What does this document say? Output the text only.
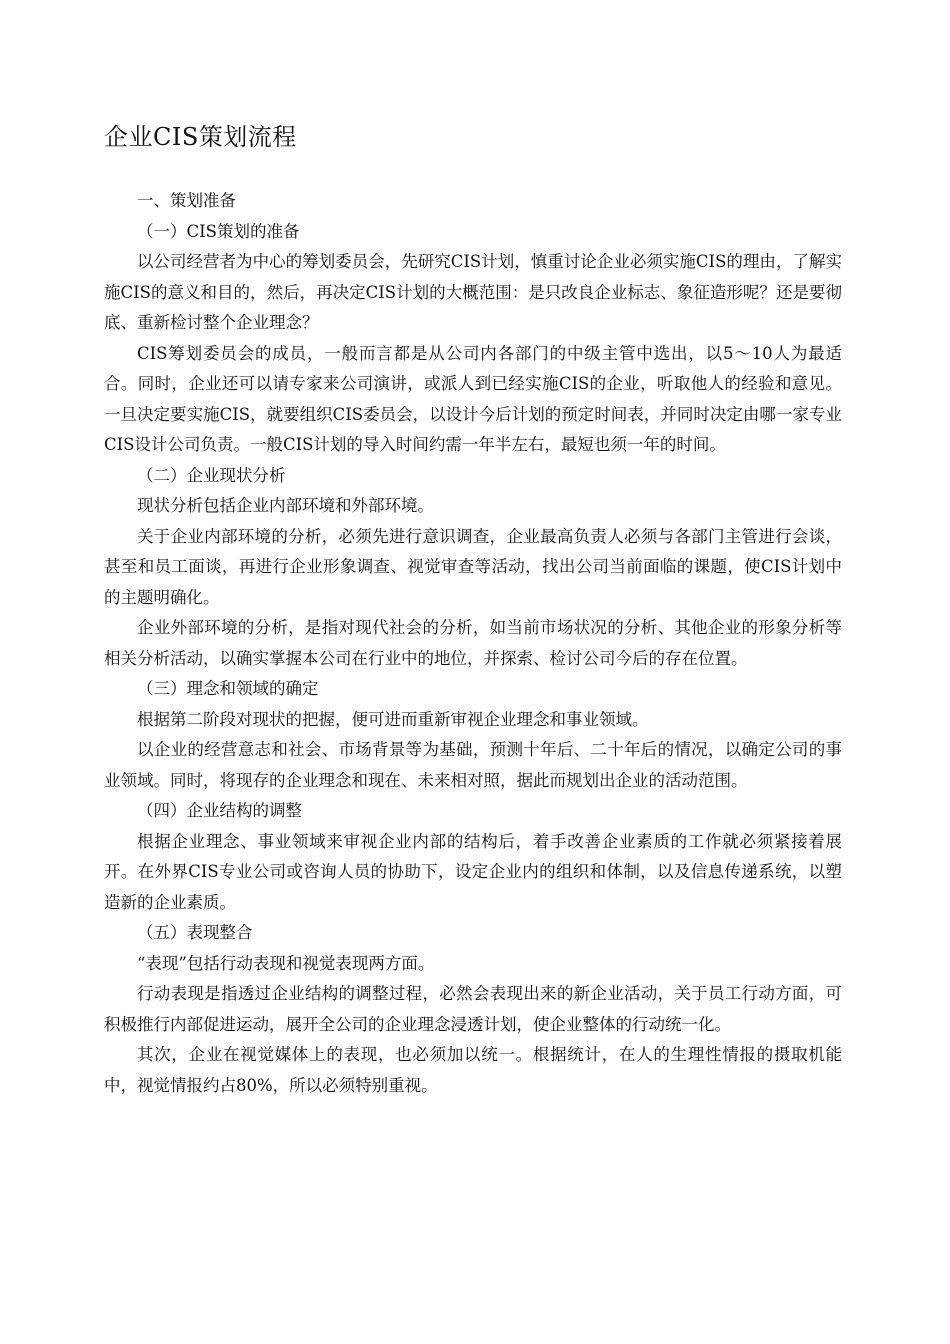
企业CIS策划流程

一、策划准备

（一）CIS策划的准备

以公司经营者为中心的筹划委员会，先研究CIS计划，慎重讨论企业必须实施CIS的理由，了解实施CIS的意义和目的，然后，再决定CIS计划的大概范围：是只改良企业标志、象征造形呢？还是要彻底、重新检讨整个企业理念？

CIS筹划委员会的成员，一般而言都是从公司内各部门的中级主管中选出，以5～10人为最适合。同时，企业还可以请专家来公司演讲，或派人到已经实施CIS的企业，听取他人的经验和意见。一旦决定要实施CIS，就要组织CIS委员会，以设计今后计划的预定时间表，并同时决定由哪一家专业CIS设计公司负责。一般CIS计划的导入时间约需一年半左右，最短也须一年的时间。

（二）企业现状分析

现状分析包括企业内部环境和外部环境。

关于企业内部环境的分析，必须先进行意识调查，企业最高负责人必须与各部门主管进行会谈，甚至和员工面谈，再进行企业形象调查、视觉审查等活动，找出公司当前面临的课题，使CIS计划中的主题明确化。

企业外部环境的分析，是指对现代社会的分析，如当前市场状况的分析、其他企业的形象分析等相关分析活动，以确实掌握本公司在行业中的地位，并探索、检讨公司今后的存在位置。

（三）理念和领域的确定

根据第二阶段对现状的把握，便可进而重新审视企业理念和事业领域。

以企业的经营意志和社会、市场背景等为基础，预测十年后、二十年后的情况，以确定公司的事业领域。同时，将现存的企业理念和现在、未来相对照，据此而规划出企业的活动范围。

（四）企业结构的调整

根据企业理念、事业领域来审视企业内部的结构后，着手改善企业素质的工作就必须紧接着展开。在外界CIS专业公司或咨询人员的协助下，设定企业内的组织和体制，以及信息传递系统，以塑造新的企业素质。

（五）表现整合

“表现”包括行动表现和视觉表现两方面。

行动表现是指透过企业结构的调整过程，必然会表现出来的新企业活动，关于员工行动方面，可积极推行内部促进运动，展开全公司的企业理念浸透计划，使企业整体的行动统一化。

其次，企业在视觉媒体上的表现，也必须加以统一。根据统计，在人的生理性情报的摄取机能中，视觉情报约占80%，所以必须特别重视。
